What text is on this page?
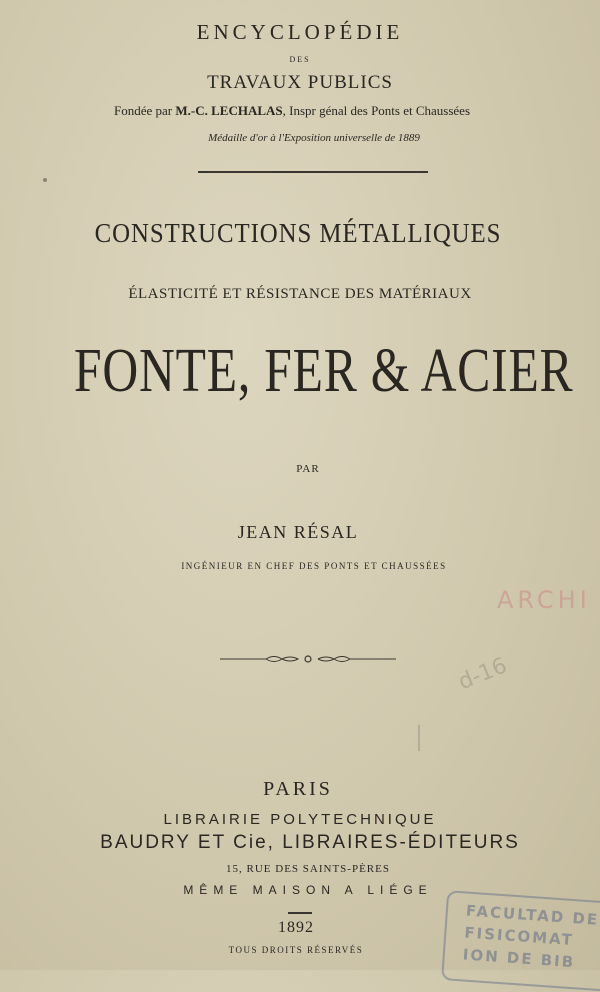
ENCYCLOPÉDIE
DES
TRAVAUX PUBLICS
Fondée par M.-C. LECHALAS, Inspr génal des Ponts et Chaussées
Médaille d'or à l'Exposition universelle de 1889
CONSTRUCTIONS MÉTALLIQUES
ÉLASTICITÉ ET RÉSISTANCE DES MATÉRIAUX
FONTE, FER & ACIER
PAR
JEAN RÉSAL
INGÉNIEUR EN CHEF DES PONTS ET CHAUSSÉES
ARCHI
d-16
PARIS
LIBRAIRIE POLYTECHNIQUE
BAUDRY ET Cie, LIBRAIRES-ÉDITEURS
15, RUE DES SAINTS-PÈRES
MÊME MAISON A LIÉGE
1892
TOUS DROITS RÉSERVÉS
FACULTAD DE
FISICOMAT
ION DE BIB
